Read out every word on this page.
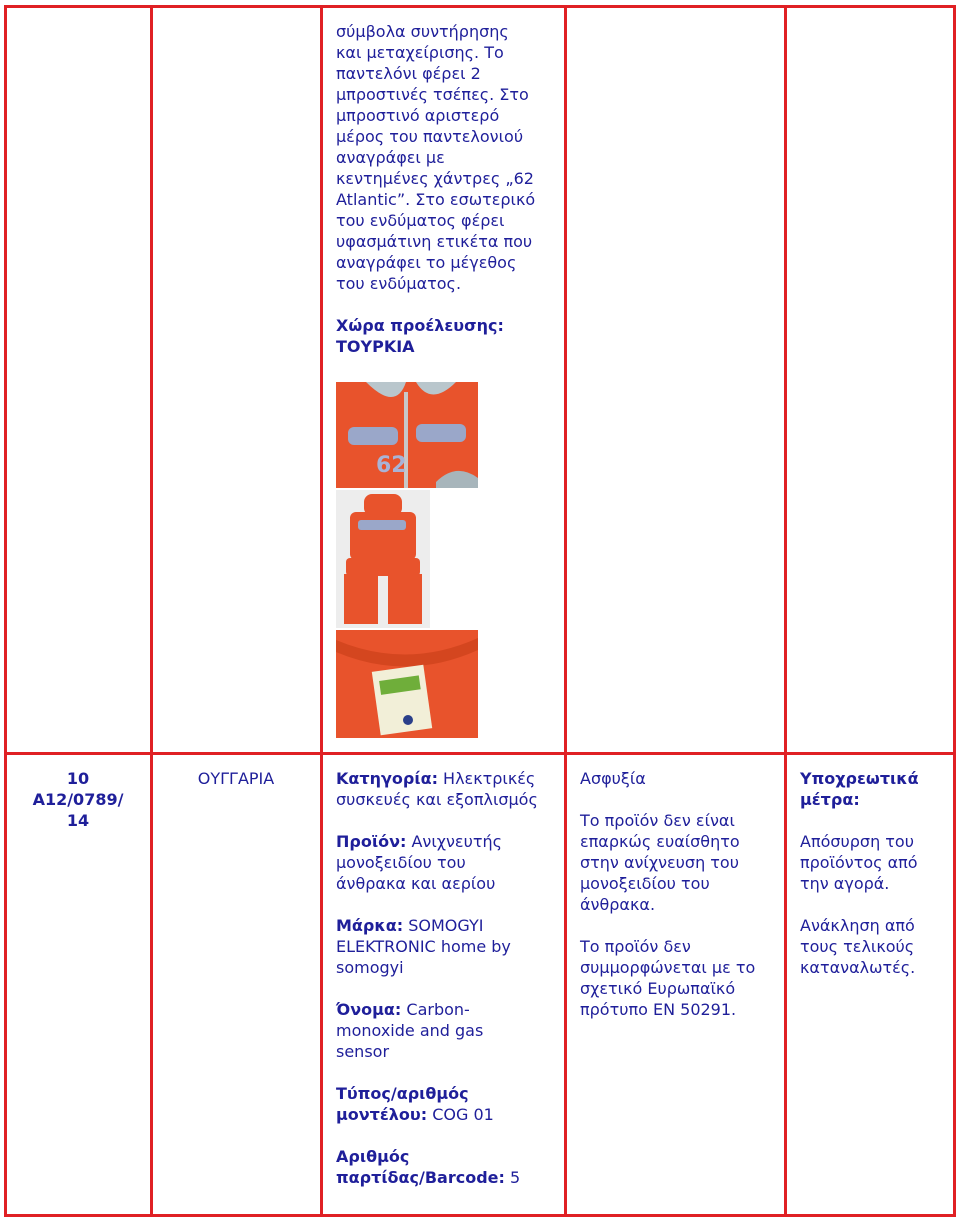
σύμβολα συντήρησης
και μεταχείρισης. Το
παντελόνι φέρει 2
μπροστινές τσέπες. Στο
μπροστινό αριστερό
μέρος του παντελονιού
αναγράφει με
κεντημένες χάντρες „62
Atlantic”. Στο εσωτερικό
του ενδύματος φέρει
υφασμάτινη ετικέτα που
αναγράφει το μέγεθος
του ενδύματος.
Χώρα προέλευσης:
ΤΟΥΡΚΙΑ
62
10
A12/0789/
14
ΟΥΓΓΑΡΙΑ	Κατηγορία: Ηλεκτρικές
συσκευές και εξοπλισμός
Προϊόν: Ανιχνευτής
μονοξειδίου του
άνθρακα και αερίου
Μάρκα: SOMOGYI
ELEKTRONIC home by
somogyi
Όνομα: Carbon-
monoxide and gas
sensor
Τύπος/αριθμός
μοντέλου: COG 01
Αριθμός
παρτίδας/Barcode: 5
Ασφυξία
Το προϊόν δεν είναι
επαρκώς ευαίσθητο
στην ανίχνευση του
μονοξειδίου του
άνθρακα.
Το προϊόν δεν
συμμορφώνεται με το
σχετικό Ευρωπαϊκό
πρότυπο EN 50291.
Υποχρεωτικά
μέτρα:
Απόσυρση του
προϊόντος από
την αγορά.
Ανάκληση από
τους τελικούς
καταναλωτές.
